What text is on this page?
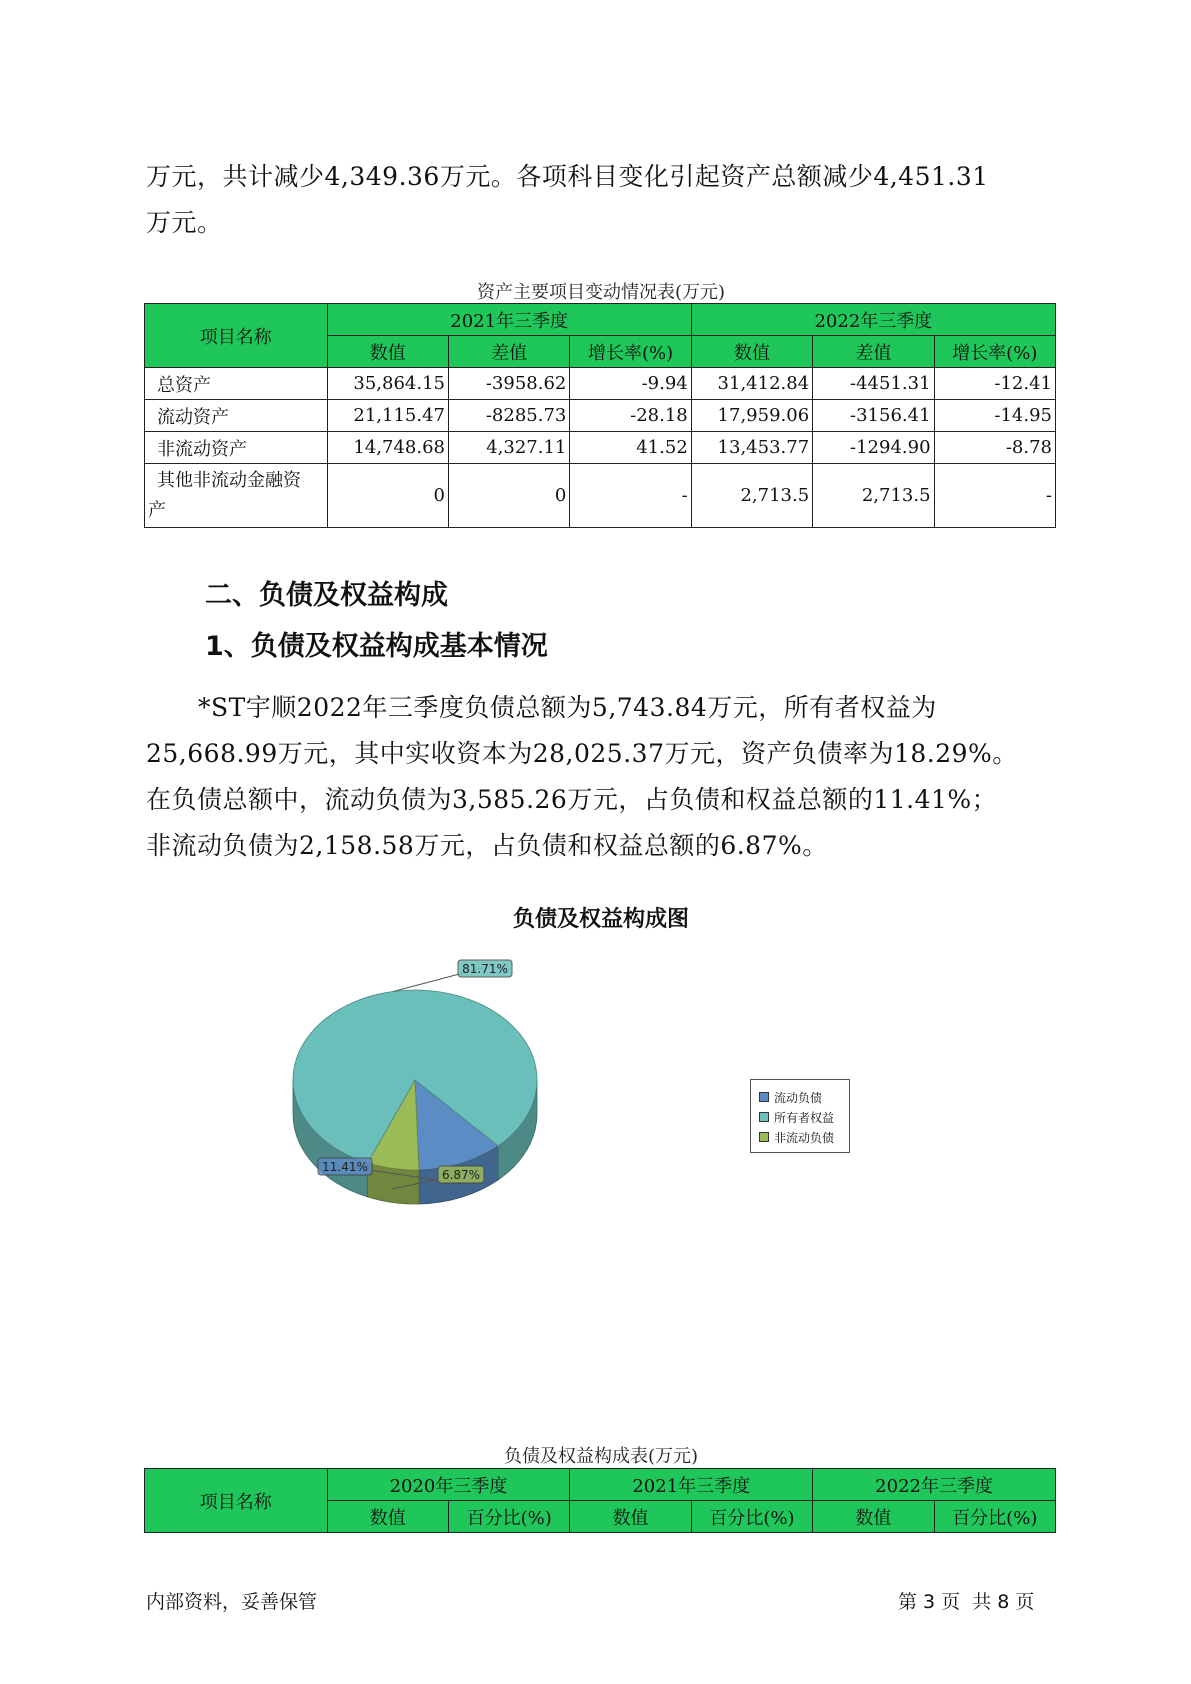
万元，共计减少4,349.36万元。各项科目变化引起资产总额减少4,451.31
万元。
资产主要项目变动情况表(万元)
项目名称	2021年三季度			2022年三季度		
	数值	差值	增长率(%)	数值	差值	增长率(%)
总资产	35,864.15	-3958.62	-9.94	31,412.84	-4451.31	-12.41
流动资产	21,115.47	-8285.73	-28.18	17,959.06	-3156.41	-14.95
非流动资产	14,748.68	4,327.11	41.52	13,453.77	-1294.90	-8.78

其他非流动金融资
产	0	0	-	2,713.5	2,713.5	-
二、负债及权益构成
1、负债及权益构成基本情况
*ST宇顺2022年三季度负债总额为5,743.84万元，所有者权益为
25,668.99万元，其中实收资本为28,025.37万元，资产负债率为18.29%。
在负债总额中，流动负债为3,585.26万元，占负债和权益总额的11.41%；
非流动负债为2,158.58万元，占负债和权益总额的6.87%。
负债及权益构成图
11.41%
6.87%
81.71%
流动负债
所有者权益
非流动负债
负债及权益构成表(万元)
项目名称	2020年三季度		2021年三季度		2022年三季度	
	数值	百分比(%)	数值	百分比(%)	数值	百分比(%)
内部资料，妥善保管	第 3 页  共 8 页
